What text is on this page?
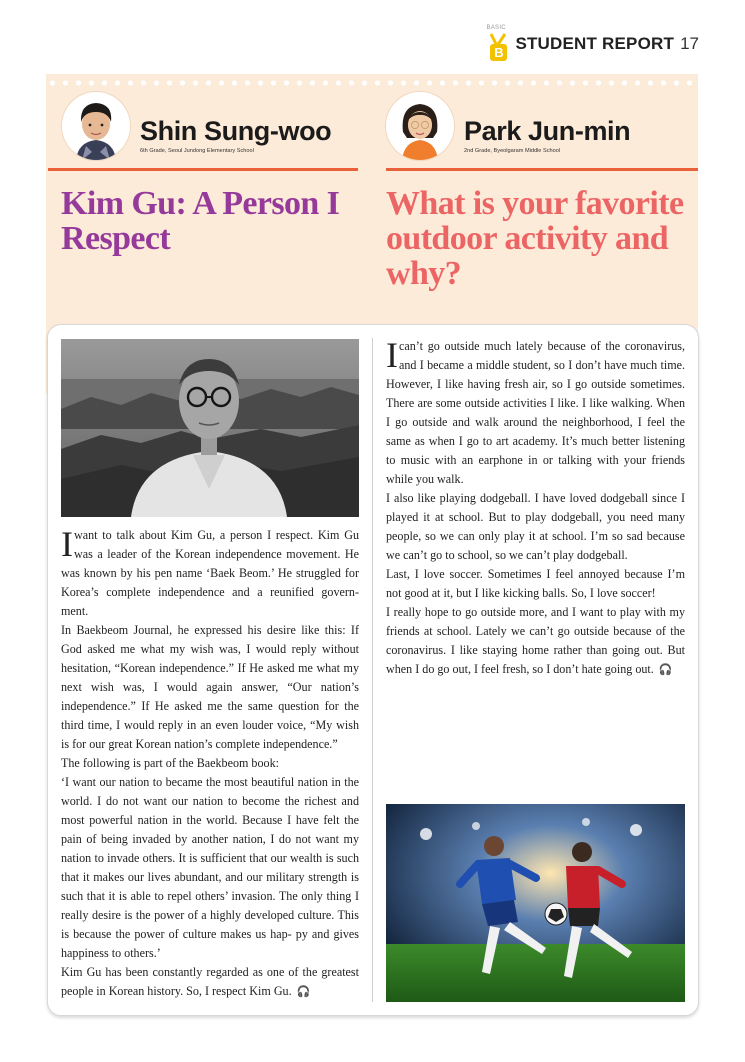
BASIC
B STUDENT REPORT 17
Shin Sung-woo
6th Grade, Seoul Jundong Elementary School
Park Jun-min
2nd Grade, Byeolgaram Middle School
Kim Gu: A Person I Respect
What is your favorite outdoor activity and why?

Iwant to talk about Kim Gu, a person I respect. Kim Gu was a leader of the Korean independence movement. He was known by his pen name ‘Baek Beom.’ He struggled for Korea’s complete independence and a reunified govern- ment.

In Baekbeom Journal, he expressed his desire like this: If God asked me what my wish was, I would reply without hesitation, “Korean independence.” If He asked me what my next wish was, I would again answer, “Our nation’s independence.” If He asked me the same question for the third time, I would reply in an even louder voice, “My wish is for our great Korean nation’s complete independence.”

The following is part of the Baekbeom book:

‘I want our nation to became the most beautiful nation in the world. I do not want our nation to become the richest and most powerful nation in the world. Because I have felt the pain of being invaded by another nation, I do not want my nation to invade others. It is sufficient that our wealth is such that it makes our lives abundant, and our military strength is such that it is able to repel others’ invasion. The only thing I really desire is the power of a highly developed culture. This is because the power of culture makes us hap- py and gives happiness to others.’

Kim Gu has been constantly regarded as one of the greatest people in Korean history. So, I respect Kim Gu. 🎧

Ican’t go outside much lately because of the coronavirus, and I became a middle student, so I don’t have much time. However, I like having fresh air, so I go outside sometimes. There are some outside activities I like. I like walking. When I go outside and walk around the neighborhood, I feel the same as when I go to art academy. It’s much better listening to music with an earphone in or talking with your friends while you walk.

I also like playing dodgeball. I have loved dodgeball since I played it at school. But to play dodgeball, you need many people, so we can only play it at school. I’m so sad because we can’t go to school, so we can’t play dodgeball.

Last, I love soccer. Sometimes I feel annoyed because I’m not good at it, but I like kicking balls. So, I love soccer!

I really hope to go outside more, and I want to play with my friends at school. Lately we can’t go outside because of the coronavirus. I like staying home rather than going out. But when I do go out, I feel fresh, so I don’t hate going out. 🎧
